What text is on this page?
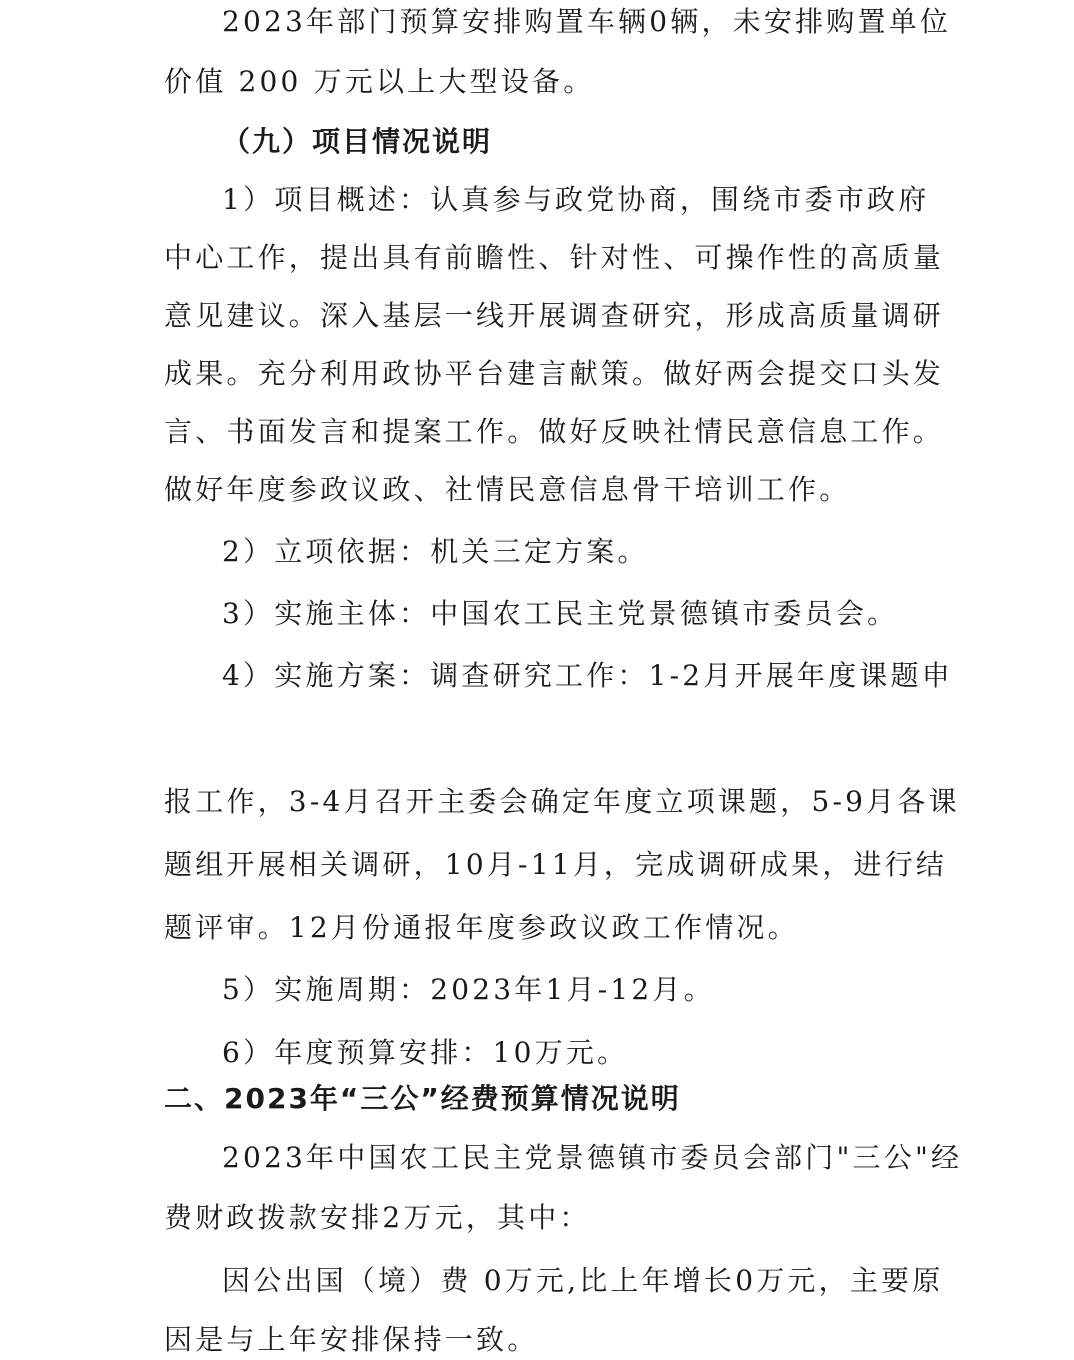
2023年部门预算安排购置车辆0辆，未安排购置单位
价值 200 万元以上大型设备。
（九）项目情况说明
1）项目概述：认真参与政党协商，围绕市委市政府
中心工作，提出具有前瞻性、针对性、可操作性的高质量
意见建议。深入基层一线开展调查研究，形成高质量调研
成果。充分利用政协平台建言献策。做好两会提交口头发
言、书面发言和提案工作。做好反映社情民意信息工作。
做好年度参政议政、社情民意信息骨干培训工作。
2）立项依据：机关三定方案。
3）实施主体：中国农工民主党景德镇市委员会。
4）实施方案：调查研究工作：1-2月开展年度课题申
报工作，3-4月召开主委会确定年度立项课题，5-9月各课
题组开展相关调研，10月-11月，完成调研成果，进行结
题评审。12月份通报年度参政议政工作情况。
5）实施周期：2023年1月-12月。
6）年度预算安排：10万元。
二、2023年“三公”经费预算情况说明
2023年中国农工民主党景德镇市委员会部门"三公"经
费财政拨款安排2万元，其中：
因公出国（境）费 0万元,比上年增长0万元，主要原
因是与上年安排保持一致。
